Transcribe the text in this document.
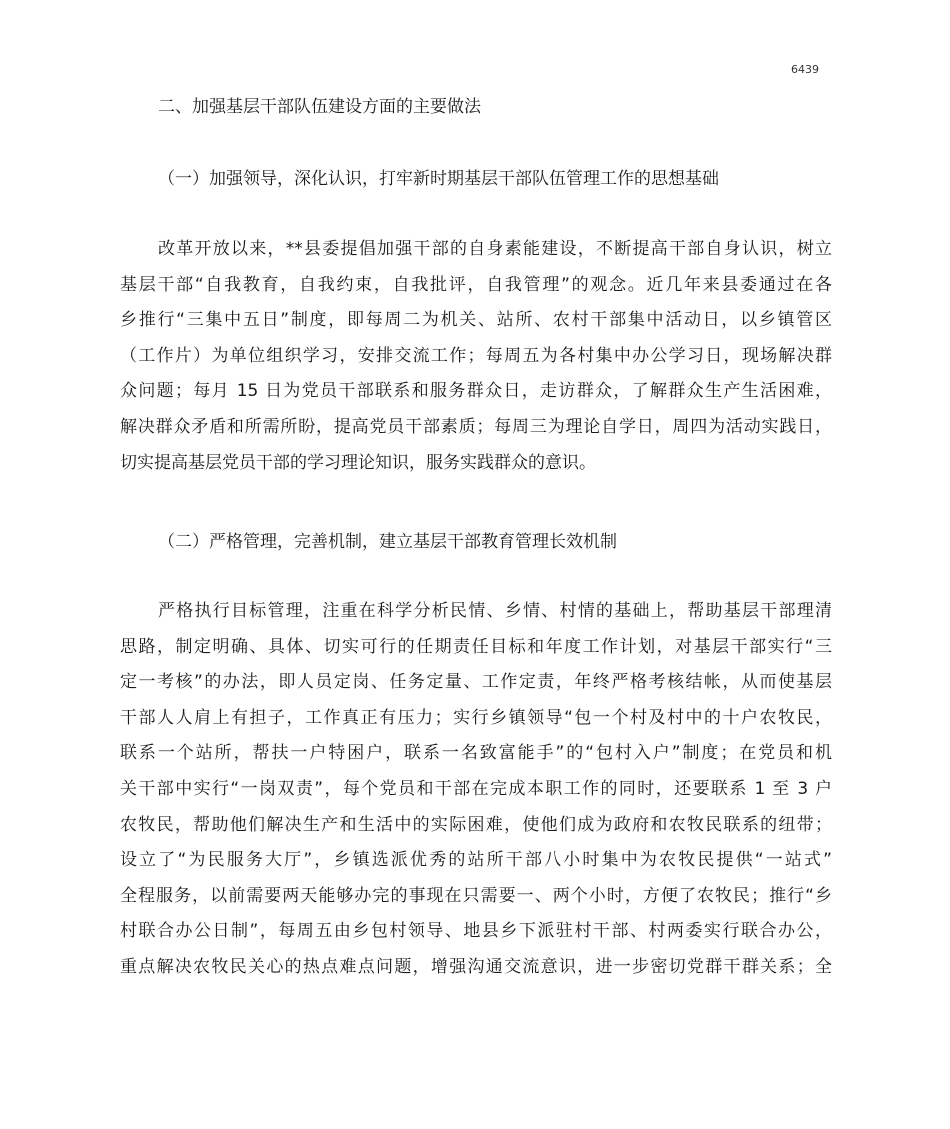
6439
二、加强基层干部队伍建设方面的主要做法
（一）加强领导，深化认识，打牢新时期基层干部队伍管理工作的思想基础

改革开放以来，**县委提倡加强干部的自身素能建设，不断提高干部自身认识，树立
基层干部“自我教育，自我约束，自我批评，自我管理”的观念。近几年来县委通过在各
乡推行“三集中五日”制度，即每周二为机关、站所、农村干部集中活动日，以乡镇管区
（工作片）为单位组织学习，安排交流工作；每周五为各村集中办公学习日，现场解决群
众问题；每月 15 日为党员干部联系和服务群众日，走访群众，了解群众生产生活困难，
解决群众矛盾和所需所盼，提高党员干部素质；每周三为理论自学日，周四为活动实践日，
切实提高基层党员干部的学习理论知识，服务实践群众的意识。

（二）严格管理，完善机制，建立基层干部教育管理长效机制

严格执行目标管理，注重在科学分析民情、乡情、村情的基础上，帮助基层干部理清
思路，制定明确、具体、切实可行的任期责任目标和年度工作计划，对基层干部实行“三
定一考核”的办法，即人员定岗、任务定量、工作定责，年终严格考核结帐，从而使基层
干部人人肩上有担子，工作真正有压力；实行乡镇领导“包一个村及村中的十户农牧民，
联系一个站所，帮扶一户特困户，联系一名致富能手”的“包村入户”制度；在党员和机
关干部中实行“一岗双责”，每个党员和干部在完成本职工作的同时，还要联系 1 至 3 户
农牧民，帮助他们解决生产和生活中的实际困难，使他们成为政府和农牧民联系的纽带；
设立了“为民服务大厅”，乡镇选派优秀的站所干部八小时集中为农牧民提供“一站式”
全程服务，以前需要两天能够办完的事现在只需要一、两个小时，方便了农牧民；推行“乡
村联合办公日制”，每周五由乡包村领导、地县乡下派驻村干部、村两委实行联合办公，
重点解决农牧民关心的热点难点问题，增强沟通交流意识，进一步密切党群干群关系；全
